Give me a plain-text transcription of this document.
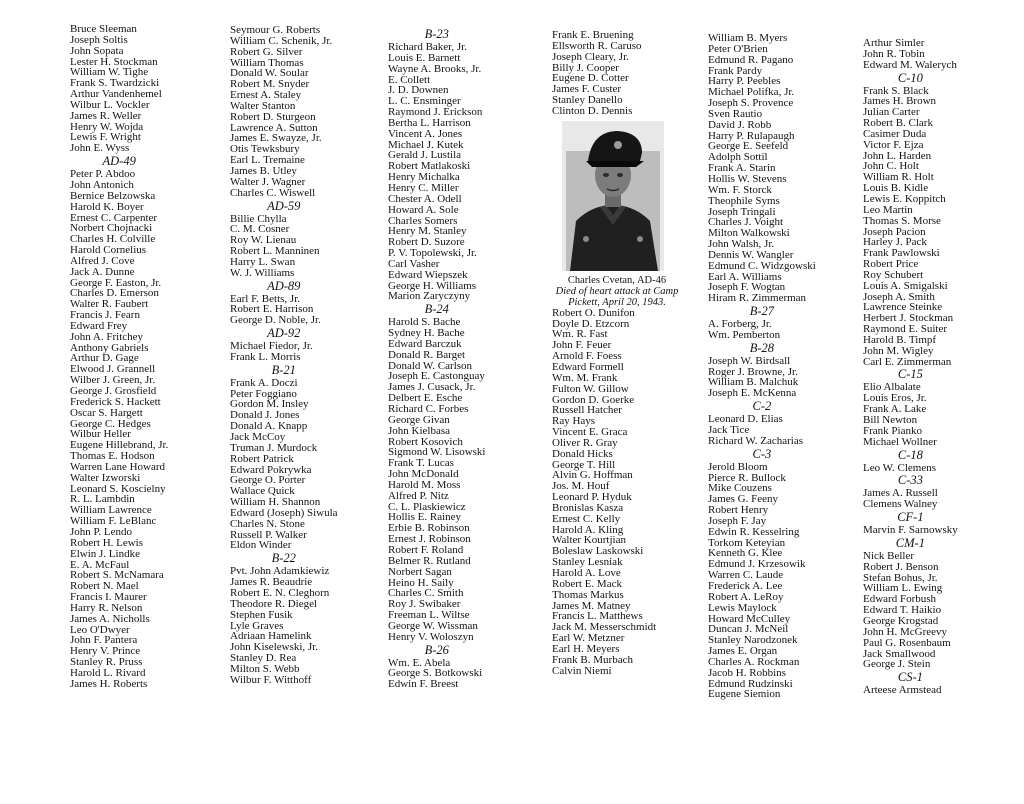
Bruce Sleeman
Joseph Soltis
John Sopata
Lester H. Stockman
William W. Tighe
Frank S. Twardzicki
Arthur Vandenhemel
Wilbur L. Vockler
James R. Weller
Henry W. Wojda
Lewis F. Wright
John E. Wyss
AD-49
Peter P. Abdoo
John Antonich
Bernice Belzowska
Harold K. Boyer
Ernest C. Carpenter
Norbert Chojnacki
Charles H. Colville
Harold Cornelius
Alfred J. Cove
Jack A. Dunne
George F. Easton, Jr.
Charles D. Emerson
Walter R. Faubert
Francis J. Fearn
Edward Frey
John A. Fritchey
Anthony Gabriels
Arthur D. Gage
Elwood J. Grannell
Wilber J. Green, Jr.
George J. Grosfield
Frederick S. Hackett
Oscar S. Hargett
George C. Hedges
Wilbur Heller
Eugene Hillebrand, Jr.
Thomas E. Hodson
Warren Lane Howard
Walter Izworski
Leonard S. Koscielny
R. L. Lambdin
William Lawrence
William F. LeBlanc
John P. Lendo
Robert H. Lewis
Elwin J. Lindke
E. A. McFaul
Robert S. McNamara
Robert N. Mael
Francis I. Maurer
Harry R. Nelson
James A. Nicholls
Leo O'Dwyer
John F. Pantera
Henry V. Prince
Stanley R. Pruss
Harold L. Rivard
James H. Roberts
Seymour G. Roberts
William C. Schenik, Jr.
Robert G. Silver
William Thomas
Donald W. Soular
Robert M. Snyder
Ernest A. Staley
Walter Stanton
Robert D. Sturgeon
Lawrence A. Sutton
James E. Swayze, Jr.
Otis Tewksbury
Earl L. Tremaine
James B. Utley
Walter J. Wagner
Charles C. Wiswell
AD-59
Billie Chylla
C. M. Cosner
Roy W. Lienau
Robert L. Manninen
Harry L. Swan
W. J. Williams
AD-89
Earl F. Betts, Jr.
Robert E. Harrison
George D. Noble, Jr.
AD-92
Michael Fiedor, Jr.
Frank L. Morris
B-21
Frank A. Doczi
Peter Foggiano
Gordon M. Insley
Donald J. Jones
Donald A. Knapp
Jack McCoy
Truman J. Murdock
Robert Patrick
Edward Pokrywka
George O. Porter
Wallace Quick
William H. Shannon
Edward (Joseph) Siwula
Charles N. Stone
Russell P. Walker
Eldon Winder
B-22
Pvt. John Adamkiewiz
James R. Beaudrie
Robert E. N. Cleghorn
Theodore R. Diegel
Stephen Fusik
Lyle Graves
Adriaan Hamelink
John Kiselewski, Jr.
Stanley D. Rea
Milton S. Webb
Wilbur F. Witthoff
B-23
Richard Baker, Jr.
Louis E. Barnett
Wayne A. Brooks, Jr.
E. Collett
J. D. Downen
L. C. Ensminger
Raymond J. Erickson
Bertha L. Harrison
Vincent A. Jones
Michael J. Kutek
Gerald J. Lustila
Robert Matlakoski
Henry Michalka
Henry C. Miller
Chester A. Odell
Howard A. Sole
Charles Somers
Henry M. Stanley
Robert D. Suzore
P. V. Topolewski, Jr.
Carl Vasher
Edward Wiepszek
George H. Williams
Marion Zaryczyny
B-24
Harold S. Bache
Sydney H. Bache
Edward Barczuk
Donald R. Barget
Donald W. Carlson
Joseph E. Castonguay
James J. Cusack, Jr.
Delbert E. Esche
Richard C. Forbes
George Givan
John Kielbasa
Robert Kosovich
Sigmond W. Lisowski
Frank T. Lucas
John McDonald
Harold M. Moss
Alfred P. Nitz
C. L. Plaskiewicz
Hollis E. Rainey
Erbie B. Robinson
Ernest J. Robinson
Robert F. Roland
Belmer R. Rutland
Norbert Sagan
Heino H. Saily
Charles C. Smith
Roy J. Swibaker
Freeman L. Wiltse
George W. Wissman
Henry V. Woloszyn
B-26
Wm. E. Abela
George S. Botkowski
Edwin F. Breest
Frank E. Bruening
Ellsworth R. Caruso
Joseph Cleary, Jr.
Billy J. Cooper
Eugene D. Cotter
James F. Custer
Stanley Danello
Clinton D. Dennis
Charles Cvetan, AD-46
Died of heart attack at Camp
Pickett, April 20, 1943.
Robert O. Dunifon
Doyle D. Etzcorn
Wm. R. Fast
John F. Feuer
Arnold F. Foess
Edward Formell
Wm. M. Frank
Fulton W. Gillow
Gordon D. Goerke
Russell Hatcher
Ray Hays
Vincent E. Graca
Oliver R. Gray
Donald Hicks
George T. Hill
Alvin G. Hoffman
Jos. M. Houf
Leonard P. Hyduk
Bronislas Kasza
Ernest C. Kelly
Harold A. Kling
Walter Kourtjian
Boleslaw Laskowski
Stanley Lesniak
Harold A. Love
Robert E. Mack
Thomas Markus
James M. Matney
Francis L. Matthews
Jack M. Messerschmidt
Earl W. Metzner
Earl H. Meyers
Frank B. Murbach
Calvin Niemi
William B. Myers
Peter O'Brien
Edmund R. Pagano
Frank Pardy
Harry P. Peebles
Michael Polifka, Jr.
Joseph S. Provence
Sven Rautio
David J. Robb
Harry P. Rulapaugh
George E. Seefeld
Adolph Sottil
Frank A. Starin
Hollis W. Stevens
Wm. F. Storck
Theophile Syms
Joseph Tringali
Charles J. Voight
Milton Walkowski
John Walsh, Jr.
Dennis W. Wangler
Edmund C. Widzgowski
Earl A. Williams
Joseph F. Wogtan
Hiram R. Zimmerman
B-27
A. Forberg, Jr.
Wm. Pemberton
B-28
Joseph W. Birdsall
Roger J. Browne, Jr.
William B. Malchuk
Joseph E. McKenna
C-2
Leonard D. Elias
Jack Tice
Richard W. Zacharias
C-3
Jerold Bloom
Pierce R. Bullock
Mike Couzens
James G. Feeny
Robert Henry
Joseph F. Jay
Edwin R. Kesselring
Torkom Keteyian
Kenneth G. Klee
Edmund J. Krzesowik
Warren C. Laude
Frederick A. Lee
Robert A. LeRoy
Lewis Maylock
Howard McCulley
Duncan J. McNeil
Stanley Narodzonek
James E. Organ
Charles A. Rockman
Jacob H. Robbins
Edmund Rudzinski
Eugene Siemion
Arthur Simler
John R. Tobin
Edward M. Walerych
C-10
Frank S. Black
James H. Brown
Julian Carter
Robert B. Clark
Casimer Duda
Victor F. Ejza
John L. Harden
John C. Holt
William R. Holt
Louis B. Kidle
Lewis E. Koppitch
Leo Martin
Thomas S. Morse
Joseph Pacion
Harley J. Pack
Frank Pawlowski
Robert Price
Roy Schubert
Louis A. Smigalski
Joseph A. Smith
Lawrence Steinke
Herbert J. Stockman
Raymond E. Suiter
Harold B. Timpf
John M. Wigley
Carl E. Zimmerman
C-15
Elio Albalate
Louis Eros, Jr.
Frank A. Lake
Bill Newton
Frank Pianko
Michael Wollner
C-18
Leo W. Clemens
C-33
James A. Russell
Clemens Walney
CF-1
Marvin F. Sarnowsky
CM-1
Nick Beller
Robert J. Benson
Stefan Bohus, Jr.
William L. Ewing
Edward Forbush
Edward T. Haikio
George Krogstad
John H. McGreevy
Paul G. Rosenbaum
Jack Smallwood
George J. Stein
CS-1
Arteese Armstead
